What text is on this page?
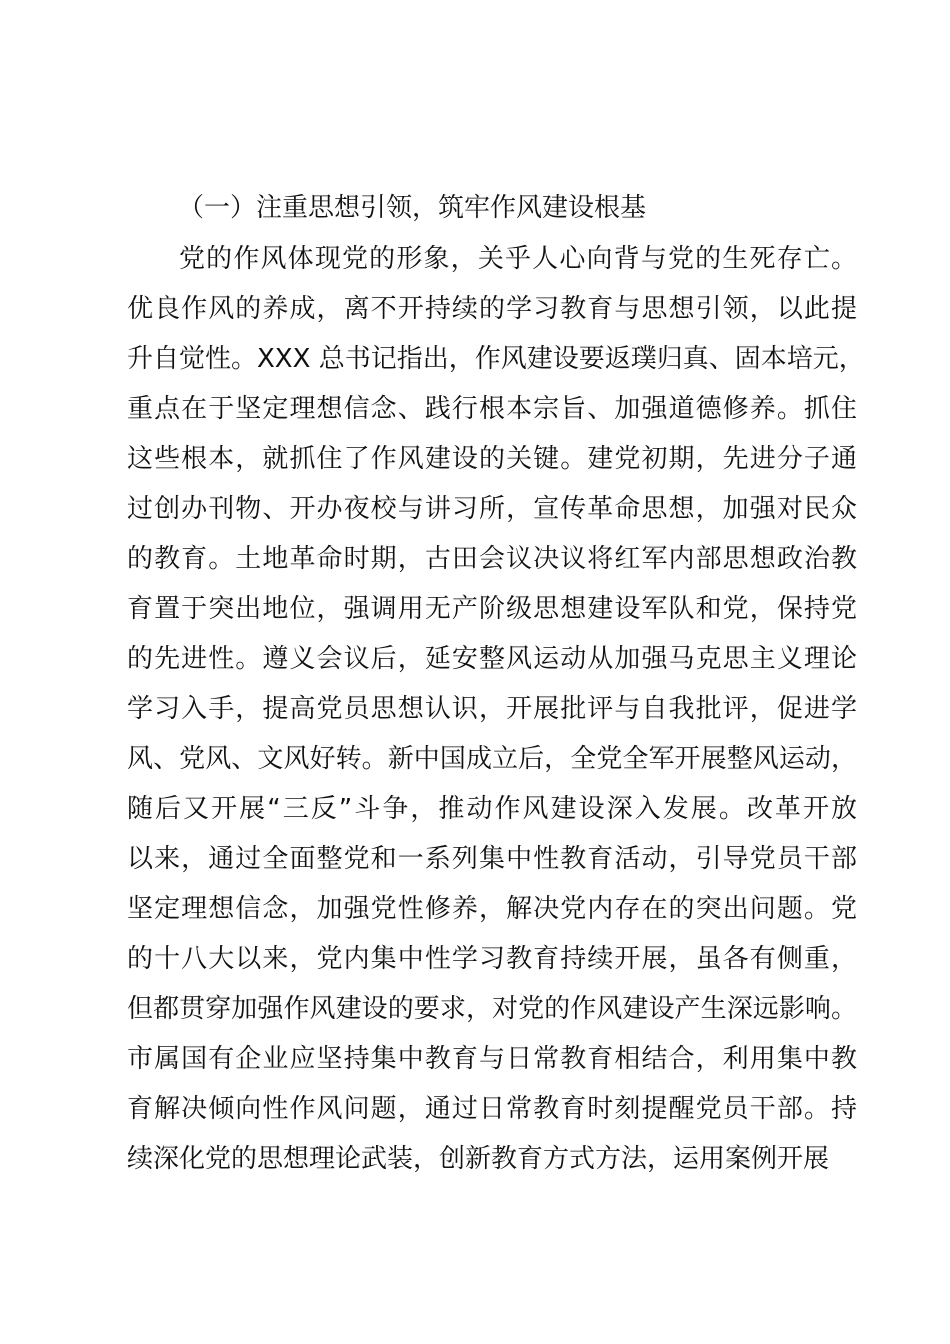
（一）注重思想引领，筑牢作风建设根基
党的作风体现党的形象，关乎人心向背与党的生死存亡。
优良作风的养成，离不开持续的学习教育与思想引领，以此提
升自觉性。XXX 总书记指出，作风建设要返璞归真、固本培元，
重点在于坚定理想信念、践行根本宗旨、加强道德修养。抓住
这些根本，就抓住了作风建设的关键。建党初期，先进分子通
过创办刊物、开办夜校与讲习所，宣传革命思想，加强对民众
的教育。土地革命时期，古田会议决议将红军内部思想政治教
育置于突出地位，强调用无产阶级思想建设军队和党，保持党
的先进性。遵义会议后，延安整风运动从加强马克思主义理论
学习入手，提高党员思想认识，开展批评与自我批评，促进学
风、党风、文风好转。新中国成立后，全党全军开展整风运动，
随后又开展“三反”斗争，推动作风建设深入发展。改革开放
以来，通过全面整党和一系列集中性教育活动，引导党员干部
坚定理想信念，加强党性修养，解决党内存在的突出问题。党
的十八大以来，党内集中性学习教育持续开展，虽各有侧重，
但都贯穿加强作风建设的要求，对党的作风建设产生深远影响。
市属国有企业应坚持集中教育与日常教育相结合，利用集中教
育解决倾向性作风问题，通过日常教育时刻提醒党员干部。持
续深化党的思想理论武装，创新教育方式方法，运用案例开展
